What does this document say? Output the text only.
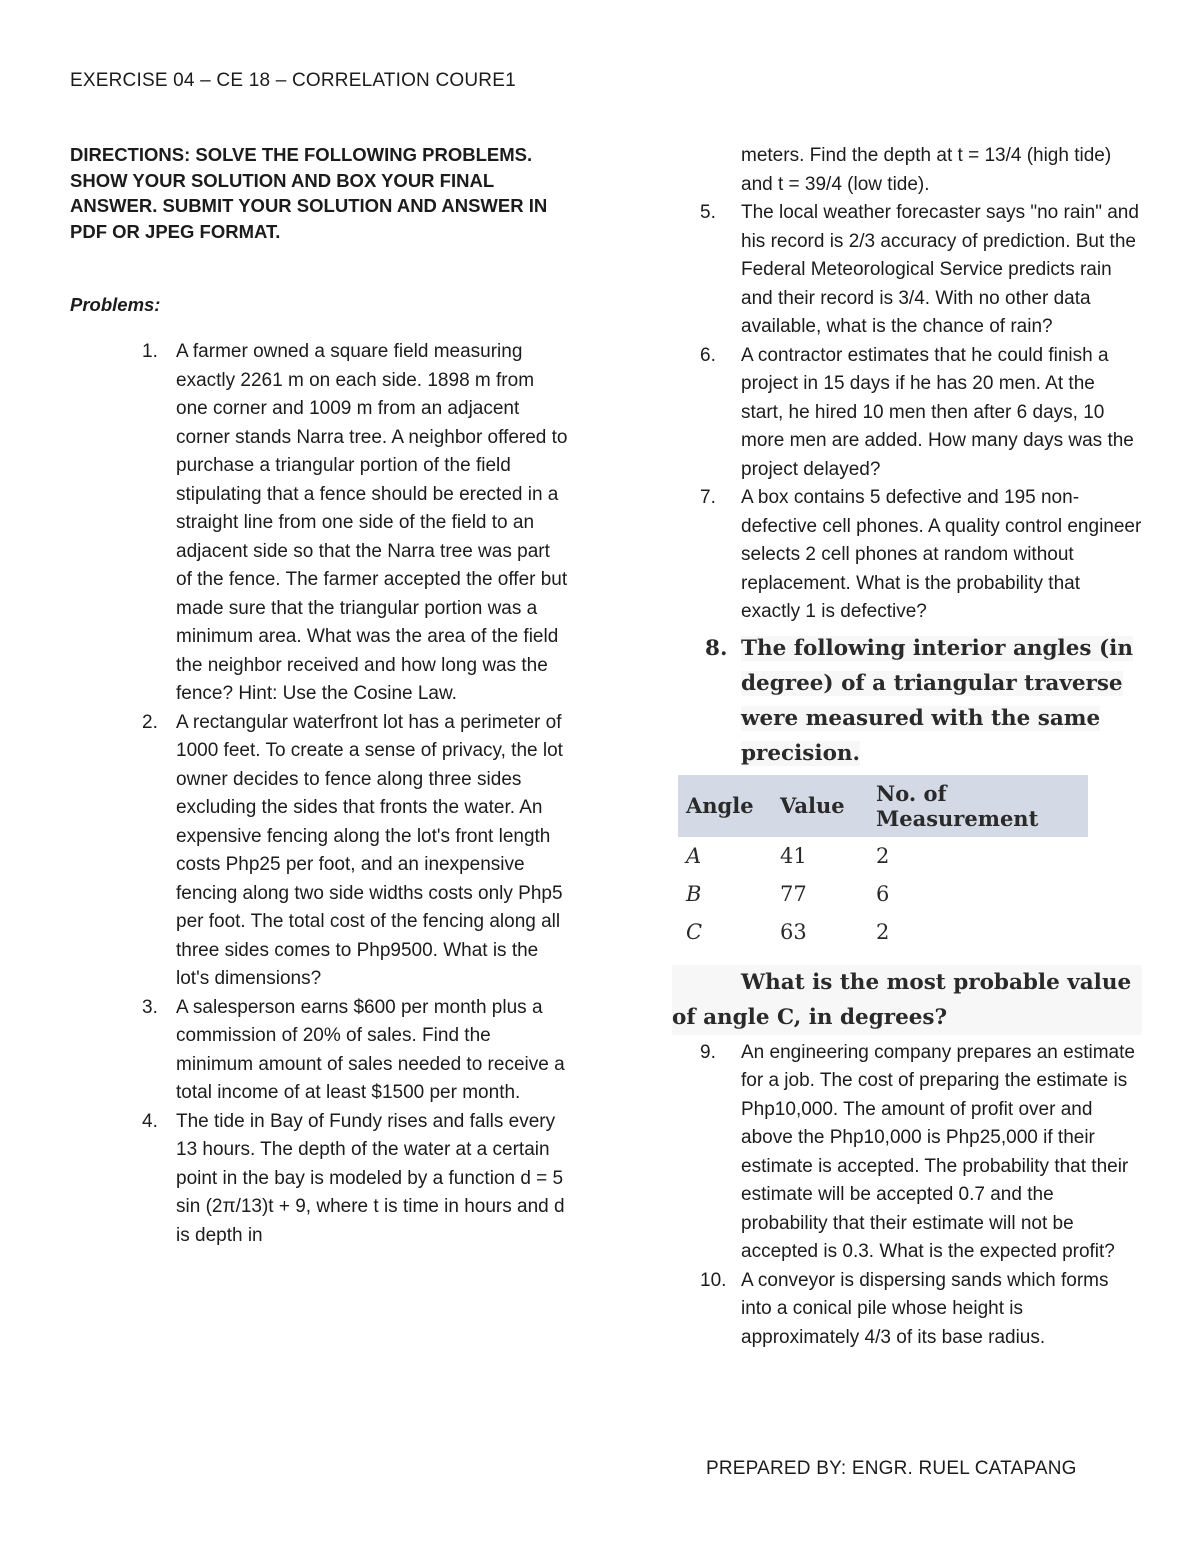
EXERCISE 04 – CE 18 – CORRELATION COURE1

DIRECTIONS: SOLVE THE FOLLOWING PROBLEMS. SHOW YOUR SOLUTION AND BOX YOUR FINAL ANSWER. SUBMIT YOUR SOLUTION AND ANSWER IN PDF OR JPEG FORMAT.

Problems:

1. A farmer owned a square field measuring exactly 2261 m on each side. 1898 m from one corner and 1009 m from an adjacent corner stands Narra tree. A neighbor offered to purchase a triangular portion of the field stipulating that a fence should be erected in a straight line from one side of the field to an adjacent side so that the Narra tree was part of the fence. The farmer accepted the offer but made sure that the triangular portion was a minimum area. What was the area of the field the neighbor received and how long was the fence? Hint: Use the Cosine Law.
2. A rectangular waterfront lot has a perimeter of 1000 feet. To create a sense of privacy, the lot owner decides to fence along three sides excluding the sides that fronts the water. An expensive fencing along the lot's front length costs Php25 per foot, and an inexpensive fencing along two side widths costs only Php5 per foot. The total cost of the fencing along all three sides comes to Php9500. What is the lot's dimensions?
3. A salesperson earns $600 per month plus a commission of 20% of sales. Find the minimum amount of sales needed to receive a total income of at least $1500 per month.
4. The tide in Bay of Fundy rises and falls every 13 hours. The depth of the water at a certain point in the bay is modeled by a function d = 5 sin (2π/13)t + 9, where t is time in hours and d is depth in
meters. Find the depth at t = 13/4 (high tide) and t = 39/4 (low tide).
5.	The local weather forecaster says "no rain" and his record is 2/3 accuracy of prediction. But the Federal Meteorological Service predicts rain and their record is 3/4. With no other data available, what is the chance of rain?
6.	A contractor estimates that he could finish a project in 15 days if he has 20 men. At the start, he hired 10 men then after 6 days, 10 more men are added. How many days was the project delayed?
7.	A box contains 5 defective and 195 non-defective cell phones. A quality control engineer selects 2 cell phones at random without replacement. What is the probability that exactly 1 is defective?
8. The following interior angles (in degree) of a triangular traverse were measured with the same precision.
Angle	Value	No. of Measurement
A	41	2
B	77	6
C	63	2
What is the most probable value of angle C, in degrees?
9.	An engineering company prepares an estimate for a job. The cost of preparing the estimate is Php10,000. The amount of profit over and above the Php10,000 is Php25,000 if their estimate is accepted. The probability that their estimate will be accepted 0.7 and the probability that their estimate will not be accepted is 0.3. What is the expected profit?
10. A conveyor is dispersing sands which forms into a conical pile whose height is approximately 4/3 of its base radius.
PREPARED BY: ENGR. RUEL CATAPANG
